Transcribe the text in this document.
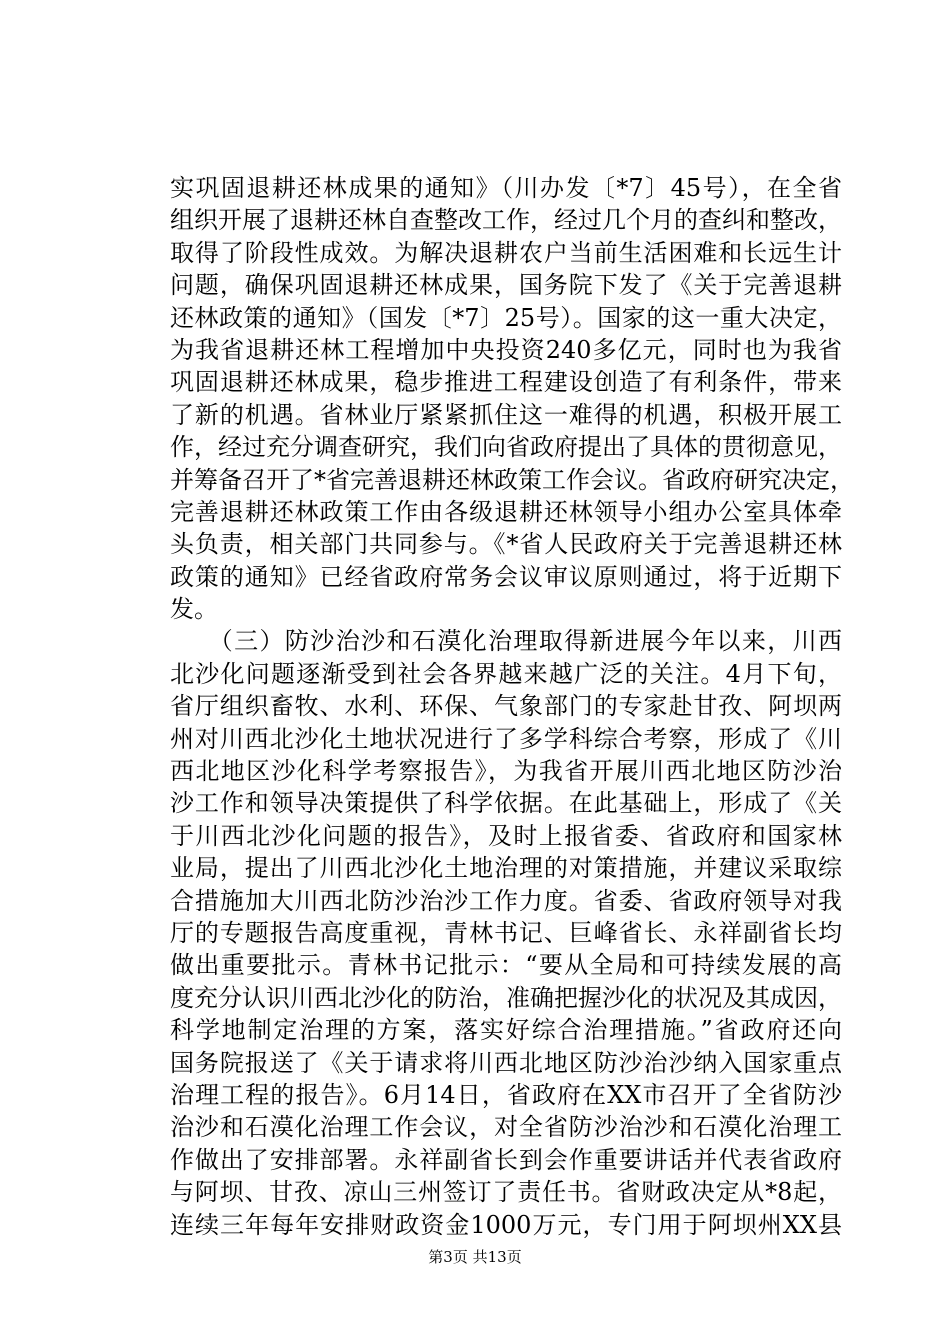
实巩固退耕还林成果的通知》（川办发〔*7〕45号），在全省
组织开展了退耕还林自查整改工作，经过几个月的查纠和整改，
取得了阶段性成效。为解决退耕农户当前生活困难和长远生计
问题，确保巩固退耕还林成果，国务院下发了《关于完善退耕
还林政策的通知》（国发〔*7〕25号）。国家的这一重大决定，
为我省退耕还林工程增加中央投资240多亿元，同时也为我省
巩固退耕还林成果，稳步推进工程建设创造了有利条件，带来
了新的机遇。省林业厅紧紧抓住这一难得的机遇，积极开展工
作，经过充分调查研究，我们向省政府提出了具体的贯彻意见，
并筹备召开了*省完善退耕还林政策工作会议。省政府研究决定，
完善退耕还林政策工作由各级退耕还林领导小组办公室具体牵
头负责，相关部门共同参与。《*省人民政府关于完善退耕还林
政策的通知》已经省政府常务会议审议原则通过，将于近期下
发。
　　（三）防沙治沙和石漠化治理取得新进展今年以来，川西
北沙化问题逐渐受到社会各界越来越广泛的关注。4月下旬，
省厅组织畜牧、水利、环保、气象部门的专家赴甘孜、阿坝两
州对川西北沙化土地状况进行了多学科综合考察，形成了《川
西北地区沙化科学考察报告》，为我省开展川西北地区防沙治
沙工作和领导决策提供了科学依据。在此基础上，形成了《关
于川西北沙化问题的报告》，及时上报省委、省政府和国家林
业局，提出了川西北沙化土地治理的对策措施，并建议采取综
合措施加大川西北防沙治沙工作力度。省委、省政府领导对我
厅的专题报告高度重视，青林书记、巨峰省长、永祥副省长均
做出重要批示。青林书记批示：“要从全局和可持续发展的高
度充分认识川西北沙化的防治，准确把握沙化的状况及其成因，
科学地制定治理的方案，落实好综合治理措施。”省政府还向
国务院报送了《关于请求将川西北地区防沙治沙纳入国家重点
治理工程的报告》。6月14日，省政府在XX市召开了全省防沙
治沙和石漠化治理工作会议，对全省防沙治沙和石漠化治理工
作做出了安排部署。永祥副省长到会作重要讲话并代表省政府
与阿坝、甘孜、凉山三州签订了责任书。省财政决定从*8起，
连续三年每年安排财政资金1000万元，专门用于阿坝州XX县
第3页 共13页
